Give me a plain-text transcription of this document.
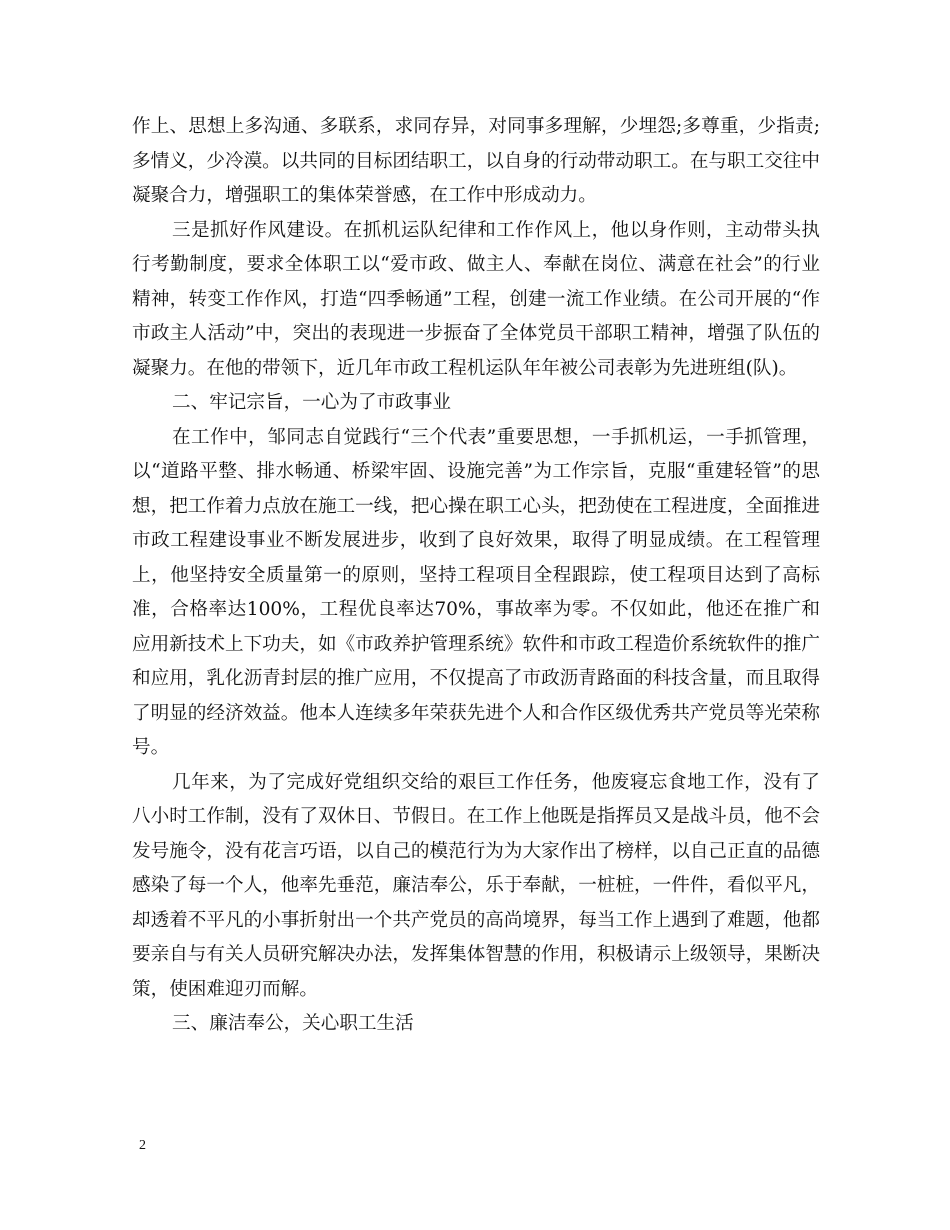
作上、思想上多沟通、多联系，求同存异，对同事多理解，少埋怨;多尊重，少指责;多情义，少冷漠。以共同的目标团结职工，以自身的行动带动职工。在与职工交往中凝聚合力，增强职工的集体荣誉感，在工作中形成动力。

三是抓好作风建设。在抓机运队纪律和工作作风上，他以身作则，主动带头执行考勤制度，要求全体职工以“爱市政、做主人、奉献在岗位、满意在社会”的行业精神，转变工作作风，打造“四季畅通”工程，创建一流工作业绩。在公司开展的“作市政主人活动”中，突出的表现进一步振奋了全体党员干部职工精神，增强了队伍的凝聚力。在他的带领下，近几年市政工程机运队年年被公司表彰为先进班组(队)。

二、牢记宗旨，一心为了市政事业

在工作中，邹同志自觉践行“三个代表”重要思想，一手抓机运，一手抓管理，以“道路平整、排水畅通、桥梁牢固、设施完善”为工作宗旨，克服“重建轻管”的思想，把工作着力点放在施工一线，把心操在职工心头，把劲使在工程进度，全面推进市政工程建设事业不断发展进步，收到了良好效果，取得了明显成绩。在工程管理上，他坚持安全质量第一的原则，坚持工程项目全程跟踪，使工程项目达到了高标准，合格率达100%，工程优良率达70%，事故率为零。不仅如此，他还在推广和应用新技术上下功夫，如《市政养护管理系统》软件和市政工程造价系统软件的推广和应用，乳化沥青封层的推广应用，不仅提高了市政沥青路面的科技含量，而且取得了明显的经济效益。他本人连续多年荣获先进个人和合作区级优秀共产党员等光荣称号。

几年来，为了完成好党组织交给的艰巨工作任务，他废寝忘食地工作，没有了八小时工作制，没有了双休日、节假日。在工作上他既是指挥员又是战斗员，他不会发号施令，没有花言巧语，以自己的模范行为为大家作出了榜样，以自己正直的品德感染了每一个人，他率先垂范，廉洁奉公，乐于奉献，一桩桩，一件件，看似平凡，却透着不平凡的小事折射出一个共产党员的高尚境界，每当工作上遇到了难题，他都要亲自与有关人员研究解决办法，发挥集体智慧的作用，积极请示上级领导，果断决策，使困难迎刃而解。

三、廉洁奉公，关心职工生活

2
